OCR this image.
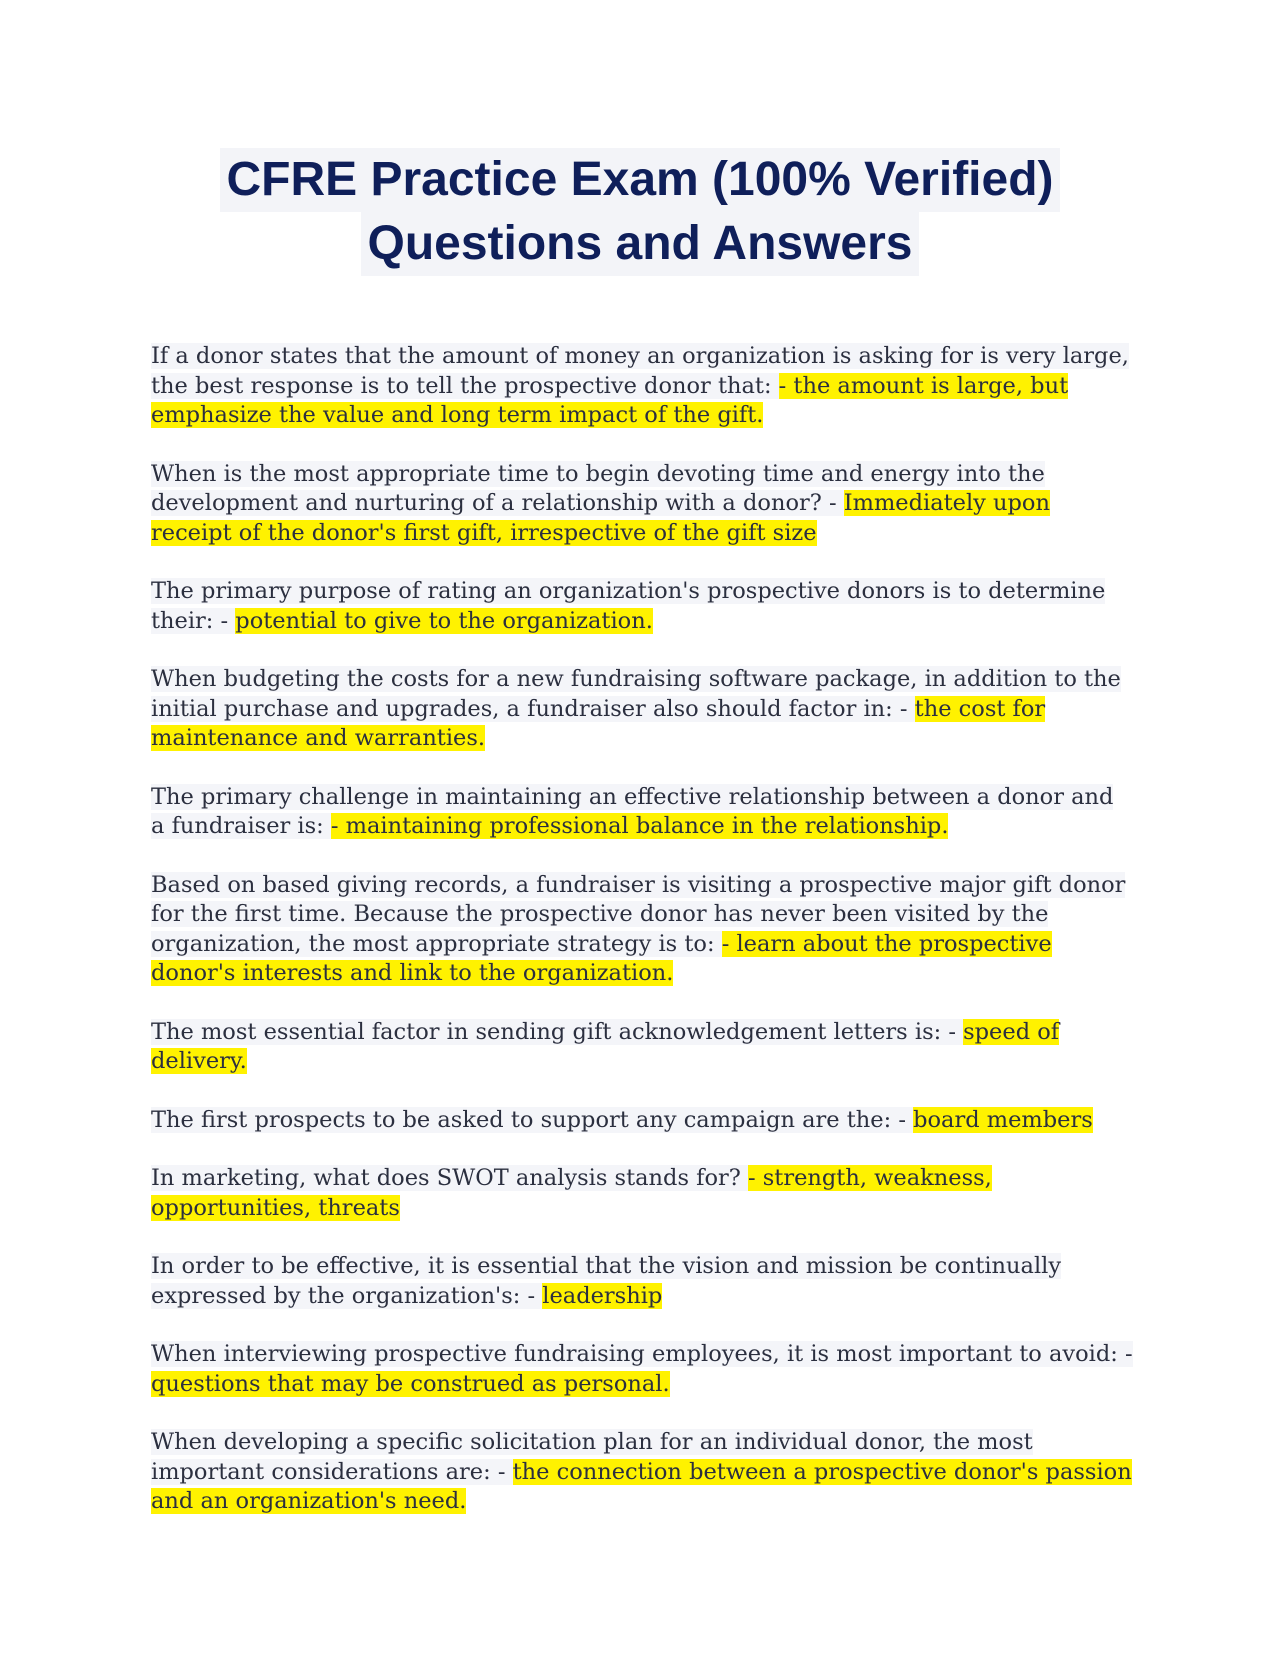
CFRE Practice Exam (100% Verified)
Questions and Answers

If a donor states that the amount of money an organization is asking for is very large, the best response is to tell the prospective donor that: - the amount is large, but emphasize the value and long term impact of the gift.

When is the most appropriate time to begin devoting time and energy into the development and nurturing of a relationship with a donor? - Immediately upon receipt of the donor's first gift, irrespective of the gift size

The primary purpose of rating an organization's prospective donors is to determine their: - potential to give to the organization.

When budgeting the costs for a new fundraising software package, in addition to the initial purchase and upgrades, a fundraiser also should factor in: - the cost for maintenance and warranties.

The primary challenge in maintaining an effective relationship between a donor and a fundraiser is: - maintaining professional balance in the relationship.

Based on based giving records, a fundraiser is visiting a prospective major gift donor for the first time. Because the prospective donor has never been visited by the organization, the most appropriate strategy is to: - learn about the prospective donor's interests and link to the organization.

The most essential factor in sending gift acknowledgement letters is: - speed of delivery.

The first prospects to be asked to support any campaign are the: - board members

In marketing, what does SWOT analysis stands for? - strength, weakness, opportunities, threats

In order to be effective, it is essential that the vision and mission be continually expressed by the organization's: - leadership

When interviewing prospective fundraising employees, it is most important to avoid: - questions that may be construed as personal.

When developing a specific solicitation plan for an individual donor, the most important considerations are: - the connection between a prospective donor's passion and an organization's need.
